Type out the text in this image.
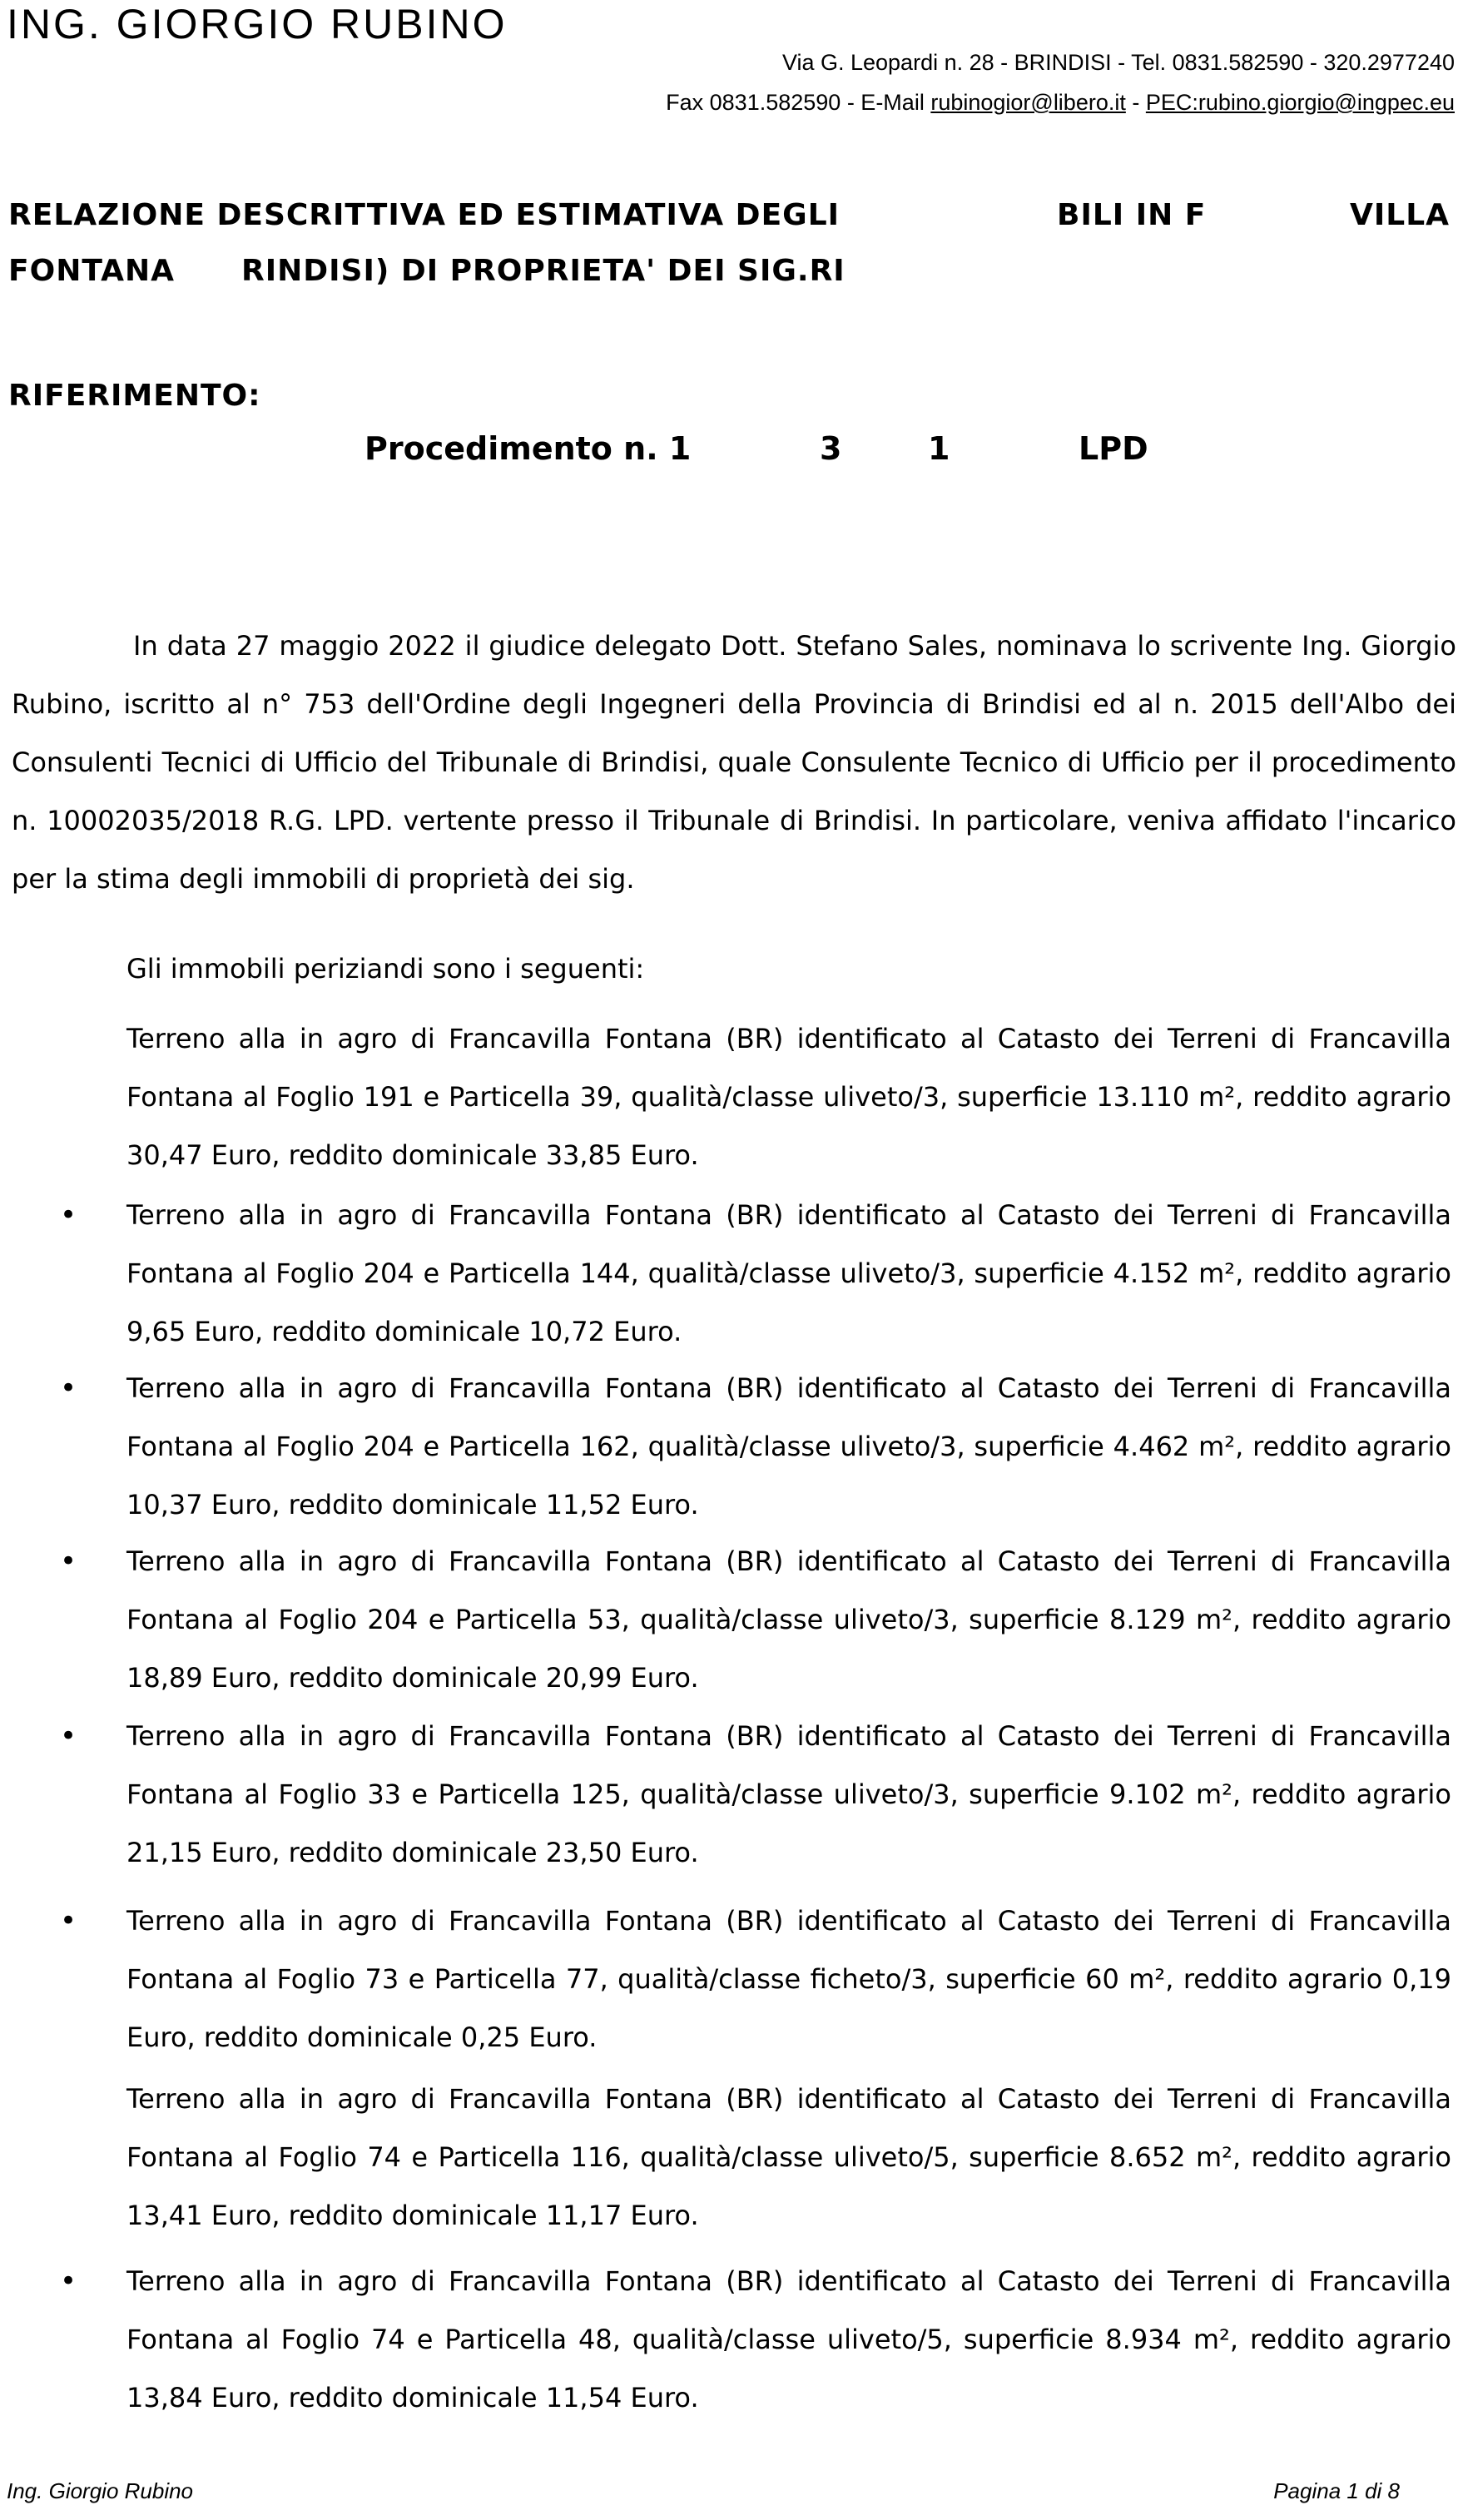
ING. GIORGIO RUBINO
Via G. Leopardi n. 28 - BRINDISI - Tel. 0831.582590 - 320.2977240
Fax 0831.582590 - E-Mail rubinogior@libero.it - PEC:rubino.giorgio@ingpec.eu
RELAZIONE DESCRITTIVA ED ESTIMATIVA DEGLI	BILI IN F	VILLA
FONTANA RINDISI) DI PROPRIETA' DEI SIG.RI
RIFERIMENTO:
Procedimento n. 1	3	1	LPD
In data 27 maggio 2022 il giudice delegato Dott. Stefano Sales, nominava lo scrivente Ing. Giorgio Rubino, iscritto al n° 753 dell'Ordine degli Ingegneri della Provincia di Brindisi ed al n. 2015 dell'Albo dei Consulenti Tecnici di Ufficio del Tribunale di Brindisi, quale Consulente Tecnico di Ufficio per il procedimento n. 10002035/2018 R.G. LPD. vertente presso il Tribunale di Brindisi. In particolare, veniva affidato l'incarico per la stima degli immobili di proprietà dei sig.
Gli immobili periziandi sono i seguenti:
Terreno alla in agro di Francavilla Fontana (BR) identificato al Catasto dei Terreni di Francavilla Fontana al Foglio 191 e Particella 39, qualità/classe uliveto/3, superficie 13.110 m², reddito agrario 30,47 Euro, reddito dominicale 33,85 Euro.
• Terreno alla in agro di Francavilla Fontana (BR) identificato al Catasto dei Terreni di Francavilla Fontana al Foglio 204 e Particella 144, qualità/classe uliveto/3, superficie 4.152 m², reddito agrario 9,65 Euro, reddito dominicale 10,72 Euro.
• Terreno alla in agro di Francavilla Fontana (BR) identificato al Catasto dei Terreni di Francavilla Fontana al Foglio 204 e Particella 162, qualità/classe uliveto/3, superficie 4.462 m², reddito agrario 10,37 Euro, reddito dominicale 11,52 Euro.
• Terreno alla in agro di Francavilla Fontana (BR) identificato al Catasto dei Terreni di Francavilla Fontana al Foglio 204 e Particella 53, qualità/classe uliveto/3, superficie 8.129 m², reddito agrario 18,89 Euro, reddito dominicale 20,99 Euro.
• Terreno alla in agro di Francavilla Fontana (BR) identificato al Catasto dei Terreni di Francavilla Fontana al Foglio 33 e Particella 125, qualità/classe uliveto/3, superficie 9.102 m², reddito agrario 21,15 Euro, reddito dominicale 23,50 Euro.
• Terreno alla in agro di Francavilla Fontana (BR) identificato al Catasto dei Terreni di Francavilla Fontana al Foglio 73 e Particella 77, qualità/classe ficheto/3, superficie 60 m², reddito agrario 0,19 Euro, reddito dominicale 0,25 Euro.
Terreno alla in agro di Francavilla Fontana (BR) identificato al Catasto dei Terreni di Francavilla Fontana al Foglio 74 e Particella 116, qualità/classe uliveto/5, superficie 8.652 m², reddito agrario 13,41 Euro, reddito dominicale 11,17 Euro.
• Terreno alla in agro di Francavilla Fontana (BR) identificato al Catasto dei Terreni di Francavilla Fontana al Foglio 74 e Particella 48, qualità/classe uliveto/5, superficie 8.934 m², reddito agrario 13,84 Euro, reddito dominicale 11,54 Euro.
Ing. Giorgio Rubino	Pagina 1 di 8
